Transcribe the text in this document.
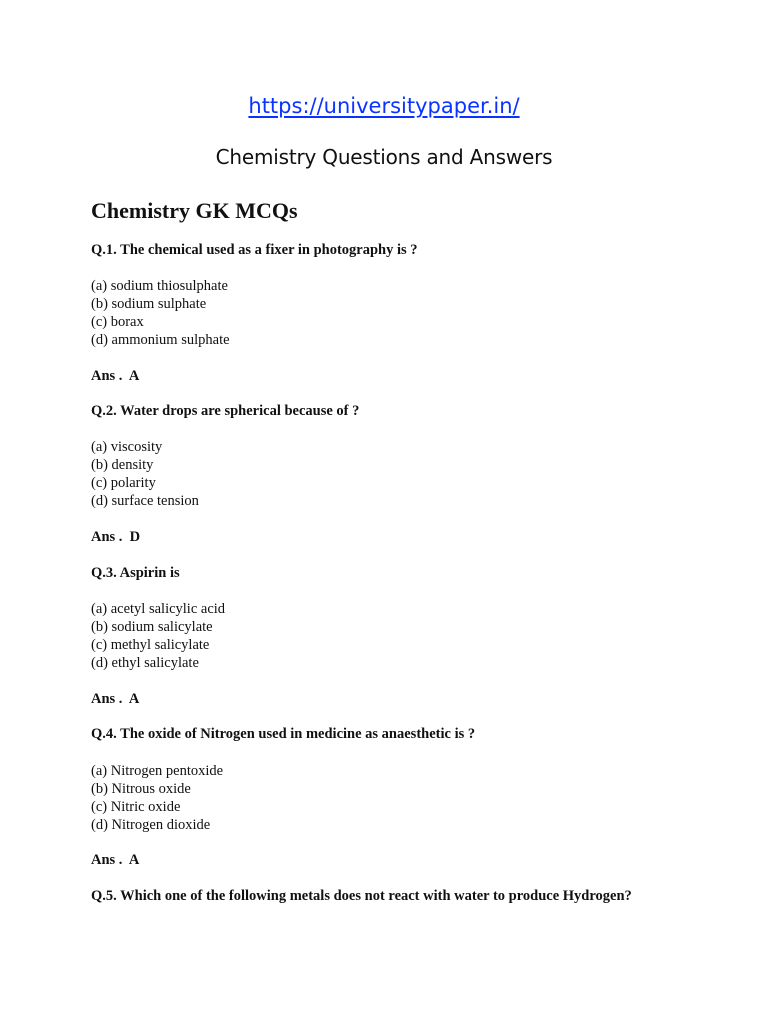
https://universitypaper.in/
Chemistry Questions and Answers
Chemistry GK MCQs
Q.1. The chemical used as a fixer in photography is ?
(a) sodium thiosulphate
(b) sodium sulphate
(c) borax
(d) ammonium sulphate
Ans .  A
Q.2. Water drops are spherical because of ?
(a) viscosity
(b) density
(c) polarity
(d) surface tension
Ans .  D
Q.3. Aspirin is
(a) acetyl salicylic acid
(b) sodium salicylate
(c) methyl salicylate
(d) ethyl salicylate
Ans .  A
Q.4. The oxide of Nitrogen used in medicine as anaesthetic is ?
(a) Nitrogen pentoxide
(b) Nitrous oxide
(c) Nitric oxide
(d) Nitrogen dioxide
Ans .  A
Q.5. Which one of the following metals does not react with water to produce Hydrogen?
